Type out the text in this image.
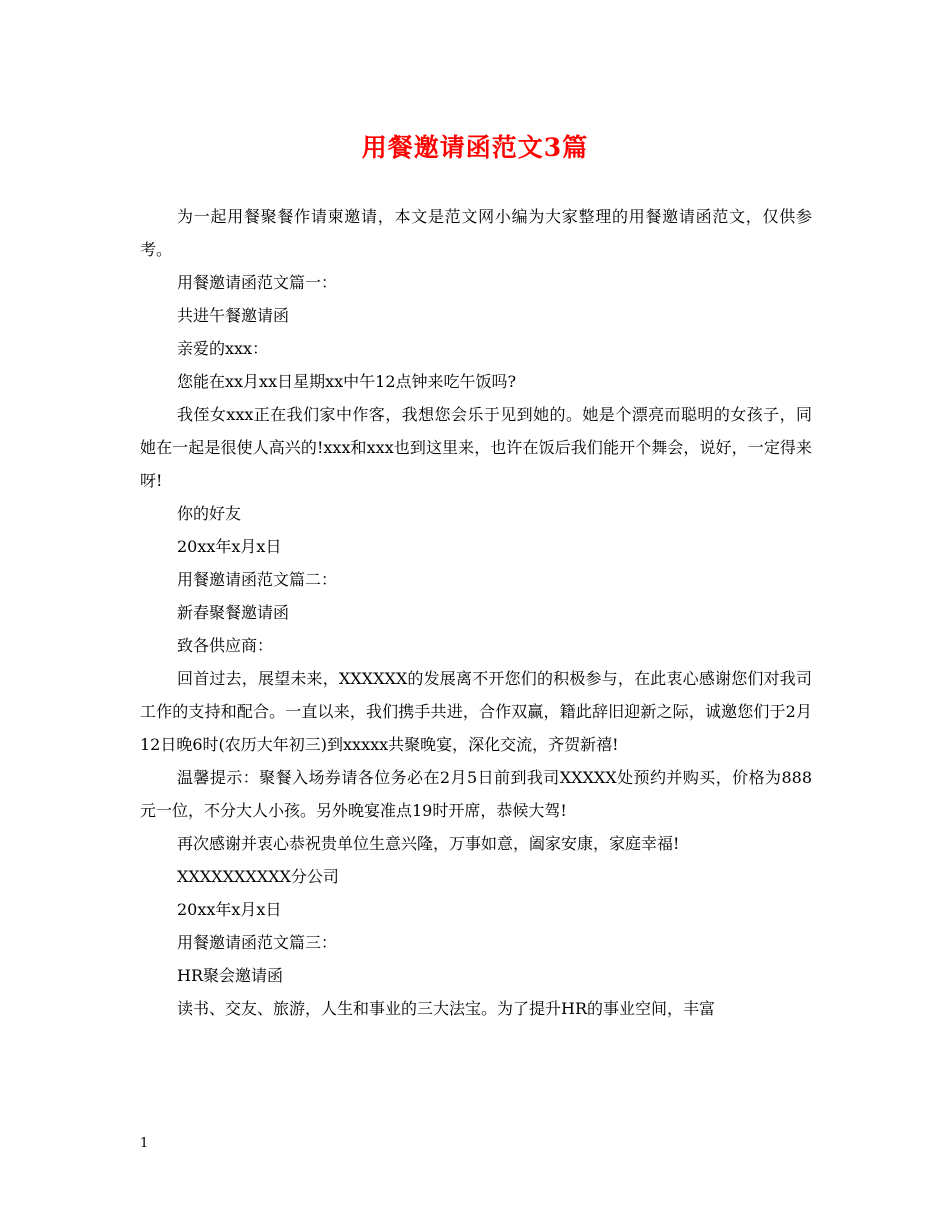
用餐邀请函范文3篇

为一起用餐聚餐作请柬邀请，本文是范文网小编为大家整理的用餐邀请函范文，仅供参考。

用餐邀请函范文篇一：

共进午餐邀请函

亲爱的xxx：

您能在xx月xx日星期xx中午12点钟来吃午饭吗?

我侄女xxx正在我们家中作客，我想您会乐于见到她的。她是个漂亮而聪明的女孩子，同她在一起是很使人高兴的!xxx和xxx也到这里来，也许在饭后我们能开个舞会，说好，一定得来呀!

你的好友

20xx年x月x日

用餐邀请函范文篇二：

新春聚餐邀请函

致各供应商：

回首过去，展望未来，XXXXXX的发展离不开您们的积极参与，在此衷心感谢您们对我司工作的支持和配合。一直以来，我们携手共进，合作双赢，籍此辞旧迎新之际，诚邀您们于2月12日晚6时(农历大年初三)到xxxxx共聚晚宴，深化交流，齐贺新禧!

温馨提示：聚餐入场券请各位务必在2月5日前到我司XXXXX处预约并购买，价格为888元一位，不分大人小孩。另外晚宴准点19时开席，恭候大驾!

再次感谢并衷心恭祝贵单位生意兴隆，万事如意，阖家安康，家庭幸福!

XXXXXXXXXX分公司

20xx年x月x日

用餐邀请函范文篇三：

HR聚会邀请函

读书、交友、旅游，人生和事业的三大法宝。为了提升HR的事业空间，丰富

1
